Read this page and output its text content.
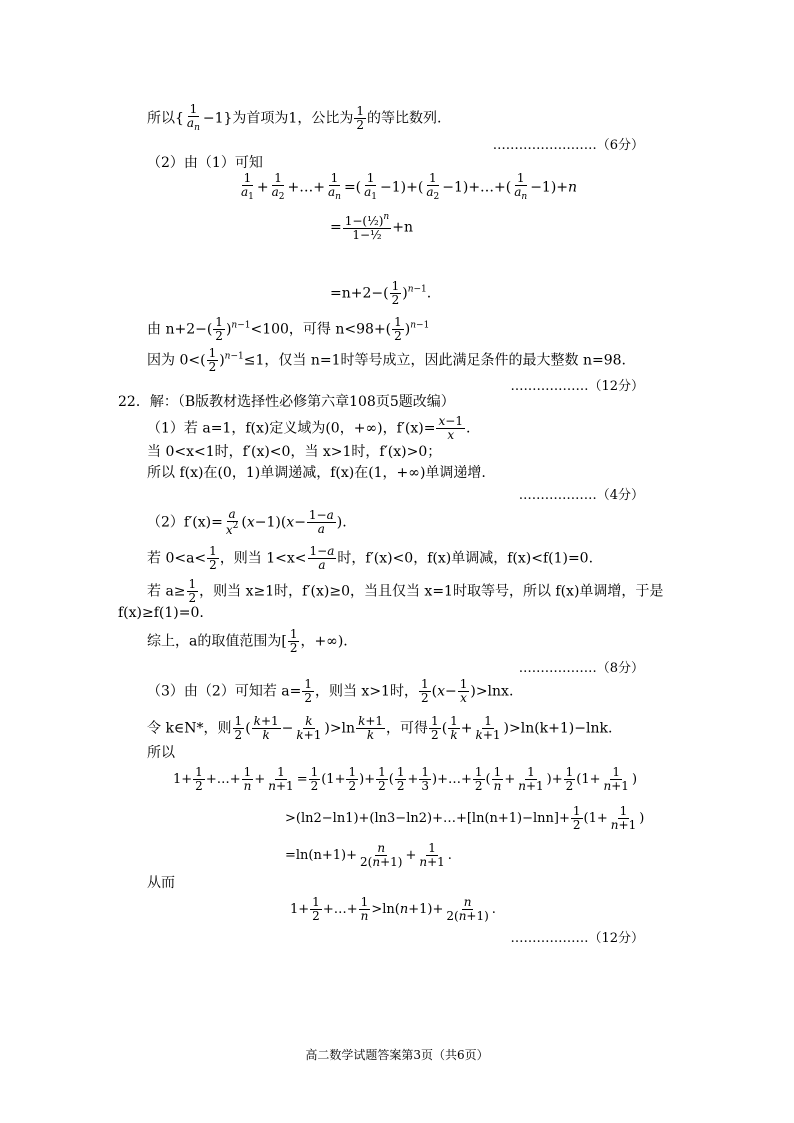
所以{ $\frac{1}{a_n} -1$}为首项为1，公比为 $\frac{1}{2}$ 的等比数列.
……………………（6分）
（2）由（1）可知
$\frac{1}{a_1} + \frac{1}{a_2}$ +…+ $\frac{1}{a_n}$ =( $\frac{1}{a_1} -1)+( \frac{1}{a_2}$ −1)+…+( $\frac{1}{a_n} -1)+n$
= $\frac{1-(\frac{1}{2})^n}{\text{1−½}} +n$
$=n+2-( \frac{1}{2} )^{n-1}$.
由 $n+2-( \frac{1}{2} )^{n-1}<100$，可得 $n<98+( \frac{1}{2} )^{n-1}$
因为 $0<( \frac{1}{2} )^{n-1}\le 1$，仅当 n=1时等号成立，因此满足条件的最大整数 n=98.
………………（12分）
22．解：（B版教材选择性必修第六章108页5题改编）
（1）若 a=1，f(x)定义域为(0，+∞)，$f'(x)= \frac{x-1}{x}$ .
当 0<x<1时，f′(x)<0，当 x>1时，f′(x)>0；
所以 f(x)在(0，1)单调递减，f(x)在(1，+∞)单调递增.
………………（4分）
$(2)f'(x)= \frac{a}{x^2} (x-1)(x- \frac{1-a}{a}$ ).
若 $0<a< \frac{1}{2}$ ，则当 $1<x< \frac{1-a}{a}$ 时，f′(x)<0，f(x)单调减，f(x)<f(1)=0.
若 $a\ge \frac{1}{2}$ ，则当 x≥1时，f′(x)≥0，当且仅当 x=1时取等号，所以 f(x)单调增，于是
f(x)≥f(1)=0.
综上，a的取值范围为[ $\frac{1}{2}$ ，+∞).
………………（8分）
（3）由（2）可知若 $a= \frac{1}{2}$ ，则当 x>1时， $\frac{1}{2} (x- \frac{1}{x} )>\ln x$.
令 k∈N*，则 $\frac{1}{2}$ ( $\frac{k+1}{k} - \frac{k}{k+1} )>\ln \frac{k+1}{k}$ ，可得 $\frac{1}{2}$ ( $\frac{1}{k} + \frac{1}{k+1} )>\ln(k+1)-\ln k$.
所以
$1+ \frac{1}{2}$ +…+ $\frac{1}{n} + \frac{1}{n+1} = \frac{1}{2} (1+ \frac{1}{2}$ )+ $\frac{1}{2}$ ( $\frac{1}{2} + \frac{1}{3}$ )+…+ $\frac{1}{2}$ ( $\frac{1}{n} + \frac{1}{n+1}$ )+ $\frac{1}{2} (1+ \frac{1}{n+1}$ )
>(ln2−ln1)+(ln3−ln2)+…+[ln(n+1)−lnn]+ $\frac{1}{2} (1+ \frac{1}{n+1}$ )
$=\ln(n+1)+ \frac{n}{2(n+1)} + \frac{1}{n+1}$ .
从而
$1+ \frac{1}{2}$ +…+ $\frac{1}{n} >\ln(n+1)+ \frac{n}{2(n+1)}$ .
………………（12分）
高二数学试题答案第3页（共6页）
